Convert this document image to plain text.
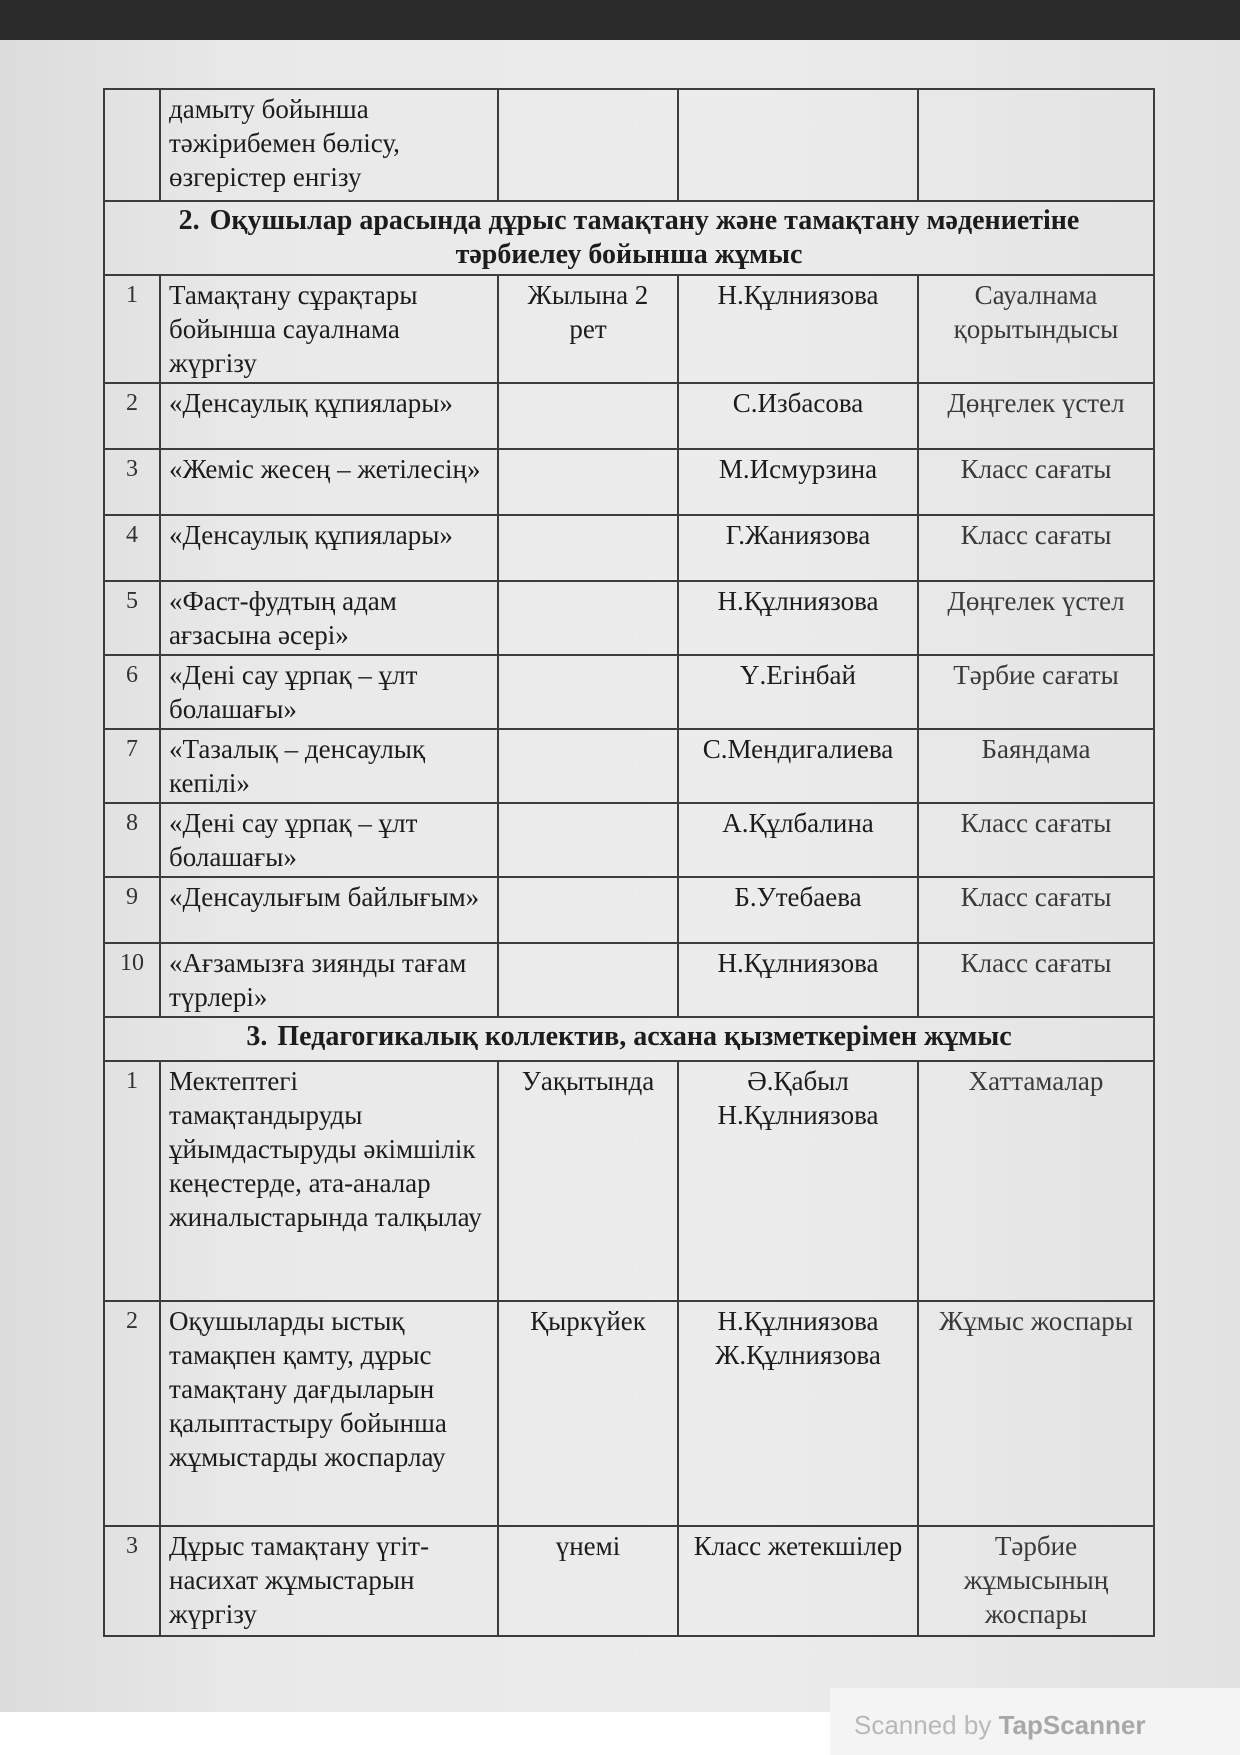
	дамыту бойынша тәжірибемен бөлісу, өзгерістер енгізу			
2. Оқушылар арасында дұрыс тамақтану және тамақтану мәдениетіне тәрбиелеу бойынша жұмыс				
1	Тамақтану сұрақтары бойынша сауалнама жүргізу	Жылына 2 рет	Н.Құлниязова	Сауалнама қорытындысы
2	«Денсаулық құпиялары»		С.Избасова	Дөңгелек үстел
3	«Жеміс жесең – жетілесің»		М.Исмурзина	Класс сағаты
4	«Денсаулық құпиялары»		Г.Жаниязова	Класс сағаты
5	«Фаст-фудтың адам ағзасына әсері»		Н.Құлниязова	Дөңгелек үстел
6	«Дені сау ұрпақ – ұлт болашағы»		Ү.Егінбай	Тәрбие сағаты
7	«Тазалық – денсаулық кепілі»		С.Мендигалиева	Баяндама
8	«Дені сау ұрпақ – ұлт болашағы»		А.Құлбалина	Класс сағаты
9	«Денсаулығым байлығым»		Б.Утебаева	Класс сағаты
10	«Ағзамызға зиянды тағам түрлері»		Н.Құлниязова	Класс сағаты
3. Педагогикалық коллектив, асхана қызметкерімен жұмыс				
1	Мектептегі тамақтандыруды ұйымдастыруды әкімшілік кеңестерде, ата-аналар жиналыстарында талқылау	Уақытында	Ә.Қабыл Н.Құлниязова	Хаттамалар
2	Оқушыларды ыстық тамақпен қамту, дұрыс тамақтану дағдыларын қалыптастыру бойынша жұмыстарды жоспарлау	Қыркүйек	Н.Құлниязова Ж.Құлниязова	Жұмыс жоспары
3	Дұрыс тамақтану үгіт-насихат жұмыстарын жүргізу	үнемі	Класс жетекшілер	Тәрбие жұмысының жоспары
Scanned by TapScanner
